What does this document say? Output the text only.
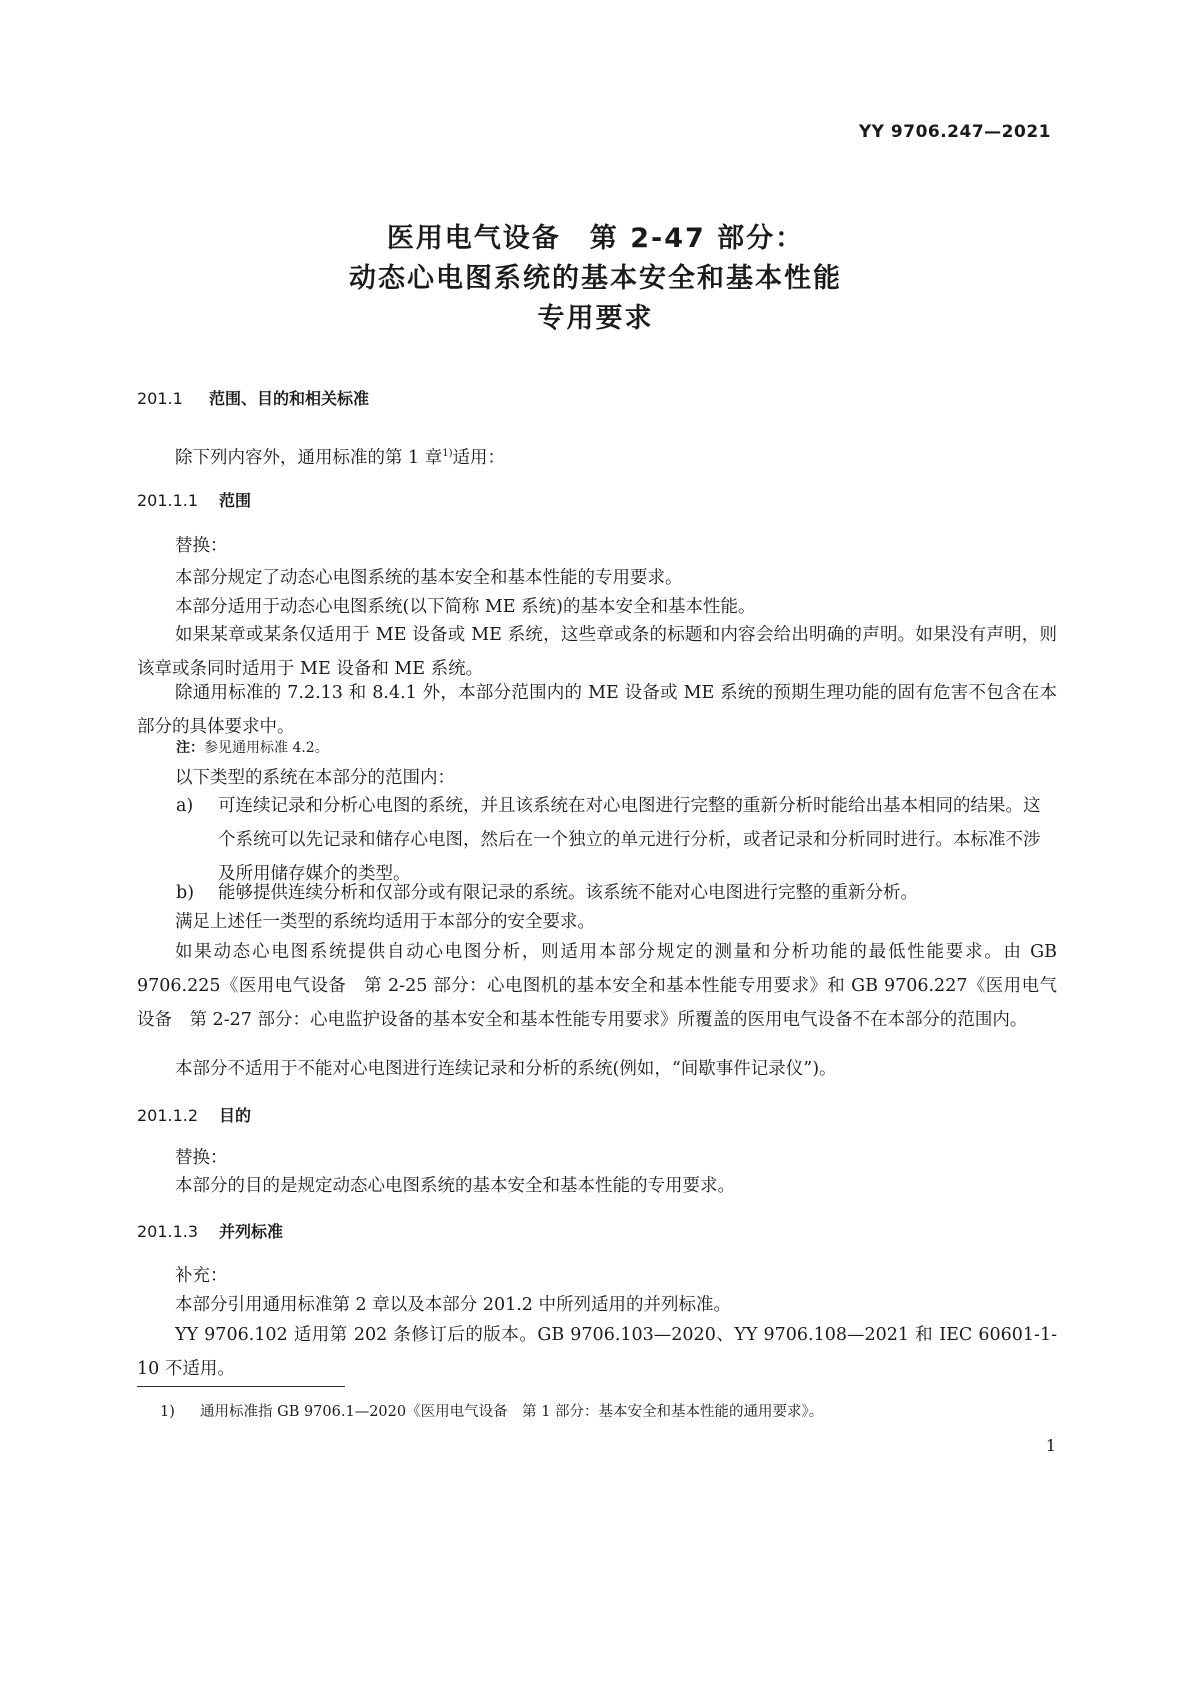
YY 9706.247—2021
医用电气设备　第 2-47 部分：
动态心电图系统的基本安全和基本性能
专用要求
201.1 范围、目的和相关标准
除下列内容外，通用标准的第 1 章$^{1)}$适用：
201.1.1 范围
替换：
本部分规定了动态心电图系统的基本安全和基本性能的专用要求。
本部分适用于动态心电图系统(以下简称 ME 系统)的基本安全和基本性能。
如果某章或某条仅适用于 ME 设备或 ME 系统，这些章或条的标题和内容会给出明确的声明。如果没有声明，则该章或条同时适用于 ME 设备和 ME 系统。
除通用标准的 7.2.13 和 8.4.1 外，本部分范围内的 ME 设备或 ME 系统的预期生理功能的固有危害不包含在本部分的具体要求中。
注：参见通用标准 4.2。
以下类型的系统在本部分的范围内：
a) 可连续记录和分析心电图的系统，并且该系统在对心电图进行完整的重新分析时能给出基本相同的结果。这个系统可以先记录和储存心电图，然后在一个独立的单元进行分析，或者记录和分析同时进行。本标准不涉及所用储存媒介的类型。
b) 能够提供连续分析和仅部分或有限记录的系统。该系统不能对心电图进行完整的重新分析。
满足上述任一类型的系统均适用于本部分的安全要求。
如果动态心电图系统提供自动心电图分析，则适用本部分规定的测量和分析功能的最低性能要求。由 GB 9706.225《医用电气设备　第 2-25 部分：心电图机的基本安全和基本性能专用要求》和 GB 9706.227《医用电气设备　第 2-27 部分：心电监护设备的基本安全和基本性能专用要求》所覆盖的医用电气设备不在本部分的范围内。
本部分不适用于不能对心电图进行连续记录和分析的系统(例如，“间歇事件记录仪”)。
201.1.2 目的
替换：
本部分的目的是规定动态心电图系统的基本安全和基本性能的专用要求。
201.1.3 并列标准
补充：
本部分引用通用标准第 2 章以及本部分 201.2 中所列适用的并列标准。
YY 9706.102 适用第 202 条修订后的版本。GB 9706.103—2020、YY 9706.108—2021 和 IEC 60601-1-10 不适用。
1) 通用标准指 GB 9706.1—2020《医用电气设备　第 1 部分：基本安全和基本性能的通用要求》。
1
